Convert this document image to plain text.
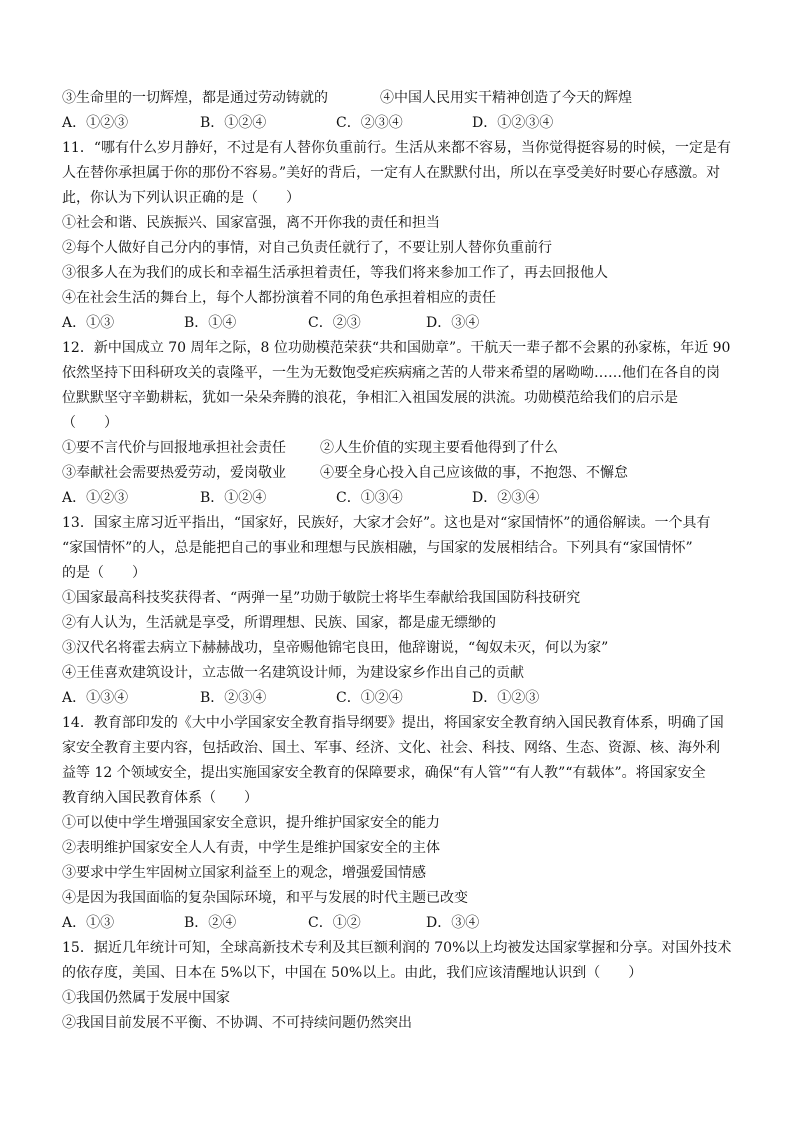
③生命里的一切辉煌，都是通过劳动铸就的	④中国人民用实干精神创造了今天的辉煌
A．①②③	B．①②④	C．②③④	D．①②③④
11．“哪有什么岁月静好，不过是有人替你负重前行。生活从来都不容易，当你觉得挺容易的时候，一定是有
人在替你承担属于你的那份不容易。”美好的背后，一定有人在默默付出，所以在享受美好时要心存感激。对
此，你认为下列认识正确的是（　　）
①社会和谐、民族振兴、国家富强，离不开你我的责任和担当
②每个人做好自己分内的事情，对自己负责任就行了，不要让别人替你负重前行
③很多人在为我们的成长和幸福生活承担着责任，等我们将来参加工作了，再去回报他人
④在社会生活的舞台上，每个人都扮演着不同的角色承担着相应的责任
A．①③	B．①④	C．②③	D．③④
12．新中国成立 70 周年之际，8 位功勋模范荣获“共和国勋章”。干航天一辈子都不会累的孙家栋，年近 90
依然坚持下田科研攻关的袁隆平，一生为无数饱受疟疾病痛之苦的人带来希望的屠呦呦……他们在各自的岗
位默默坚守辛勤耕耘，犹如一朵朵奔腾的浪花，争相汇入祖国发展的洪流。功勋模范给我们的启示是
（　　）
①要不言代价与回报地承担社会责任 ②人生价值的实现主要看他得到了什么
③奉献社会需要热爱劳动，爱岗敬业 ④要全身心投入自己应该做的事，不抱怨、不懈怠
A．①②③	B．①②④	C．①③④	D．②③④
13．国家主席习近平指出，“国家好，民族好，大家才会好”。这也是对“家国情怀”的通俗解读。一个具有
“家国情怀”的人，总是能把自己的事业和理想与民族相融，与国家的发展相结合。下列具有“家国情怀”
的是（　　）
①国家最高科技奖获得者、“两弹一星”功勋于敏院士将毕生奉献给我国国防科技研究
②有人认为，生活就是享受，所谓理想、民族、国家，都是虚无缥缈的
③汉代名将霍去病立下赫赫战功，皇帝赐他锦宅良田，他辞谢说，“匈奴未灭，何以为家”
④王佳喜欢建筑设计，立志做一名建筑设计师，为建设家乡作出自己的贡献
A．①③④	B．②③④	C．①②④	D．①②③
14．教育部印发的《大中小学国家安全教育指导纲要》提出，将国家安全教育纳入国民教育体系，明确了国
家安全教育主要内容，包括政治、国土、军事、经济、文化、社会、科技、网络、生态、资源、核、海外利
益等 12 个领域安全，提出实施国家安全教育的保障要求，确保“有人管”“有人教”“有载体”。将国家安全
教育纳入国民教育体系（　　）
①可以使中学生增强国家安全意识，提升维护国家安全的能力
②表明维护国家安全人人有责，中学生是维护国家安全的主体
③要求中学生牢固树立国家利益至上的观念，增强爱国情感
④是因为我国面临的复杂国际环境，和平与发展的时代主题已改变
A．①③	B．②④	C．①②	D．③④
15．据近几年统计可知，全球高新技术专利及其巨额利润的 70%以上均被发达国家掌握和分享。对国外技术
的依存度，美国、日本在 5%以下，中国在 50%以上。由此，我们应该清醒地认识到（　　）
①我国仍然属于发展中国家
②我国目前发展不平衡、不协调、不可持续问题仍然突出
